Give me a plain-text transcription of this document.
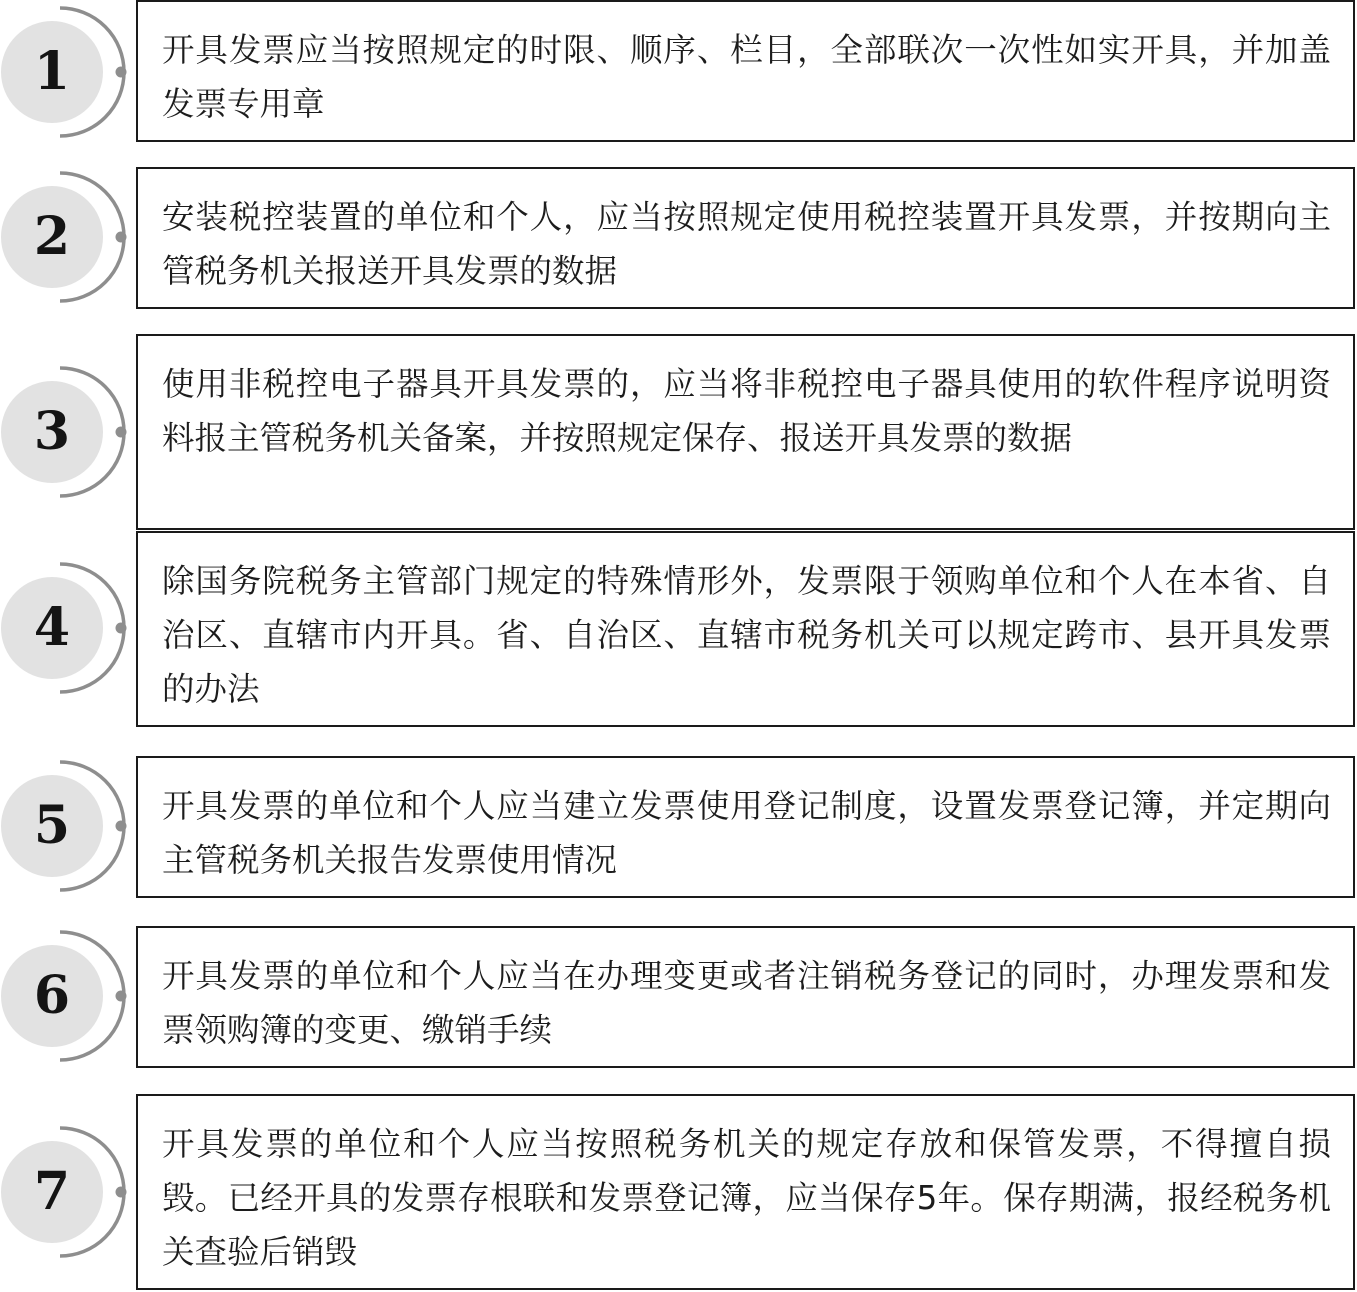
1	开具发票应当按照规定的时限、顺序、栏目，全部联次一次性如实开具，并加盖发票专用章
2	安装税控装置的单位和个人，应当按照规定使用税控装置开具发票，并按期向主管税务机关报送开具发票的数据
3
使用非税控电子器具开具发票的，应当将非税控电子器具使用的软件程序说明资料报主管税务机关备案，并按照规定保存、报送开具发票的数据
4
除国务院税务主管部门规定的特殊情形外，发票限于领购单位和个人在本省、自治区、直辖市内开具。省、自治区、直辖市税务机关可以规定跨市、县开具发票的办法
5	开具发票的单位和个人应当建立发票使用登记制度，设置发票登记簿，并定期向主管税务机关报告发票使用情况
6	开具发票的单位和个人应当在办理变更或者注销税务登记的同时，办理发票和发票领购簿的变更、缴销手续
7
开具发票的单位和个人应当按照税务机关的规定存放和保管发票，不得擅自损毁。已经开具的发票存根联和发票登记簿，应当保存5年。保存期满，报经税务机关查验后销毁
